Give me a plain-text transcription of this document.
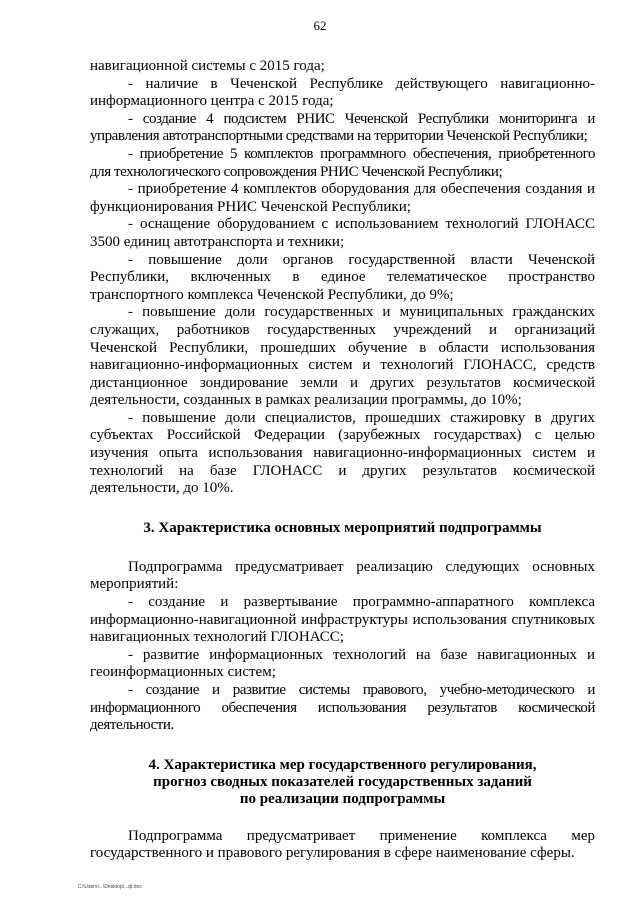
62

навигационной системы с 2015 года;

- наличие в Чеченской Республике действующего навигационно-информационного центра с 2015 года;

- создание 4 подсистем РНИС Чеченской Республики мониторинга и управления автотранспортными средствами на территории Чеченской Республики;

- приобретение 5 комплектов программного обеспечения, приобретенного для технологического сопровождения РНИС Чеченской Республики;

- приобретение 4 комплектов оборудования для обеспечения создания и функционирования РНИС Чеченской Республики;

- оснащение оборудованием с использованием технологий ГЛОНАСС 3500 единиц автотранспорта и техники;

- повышение доли органов государственной власти Чеченской Республики, включенных в единое телематическое пространство транспортного комплекса Чеченской Республики, до 9%;

- повышение доли государственных и муниципальных гражданских служащих, работников государственных учреждений и организаций Чеченской Республики, прошедших обучение в области использования навигационно-информационных систем и технологий ГЛОНАСС, средств дистанционное зондирование земли и других результатов космической деятельности, созданных в рамках реализации программы, до 10%;

- повышение доли специалистов, прошедших стажировку в других субъектах Российской Федерации (зарубежных государствах) с целью изучения опыта использования навигационно-информационных систем и технологий на базе ГЛОНАСС и других результатов космической деятельности, до 10%.

3. Характеристика основных мероприятий подпрограммы

Подпрограмма предусматривает реализацию следующих основных мероприятий:

- создание и развертывание программно-аппаратного комплекса информационно-навигационной инфраструктуры использования спутниковых навигационных технологий ГЛОНАСС;

- развитие информационных технологий на базе навигационных и геоинформационных систем;

- создание и развитие системы правового, учебно-методического и информационного обеспечения использования результатов космической деятельности.

4. Характеристика мер государственного регулирования,
прогноз сводных показателей государственных заданий
по реализации подпрограммы

Подпрограмма предусматривает применение комплекса мер государственного и правового регулирования в сфере наименование сферы.

C:\Users\...\Desktop\...ф.doc
